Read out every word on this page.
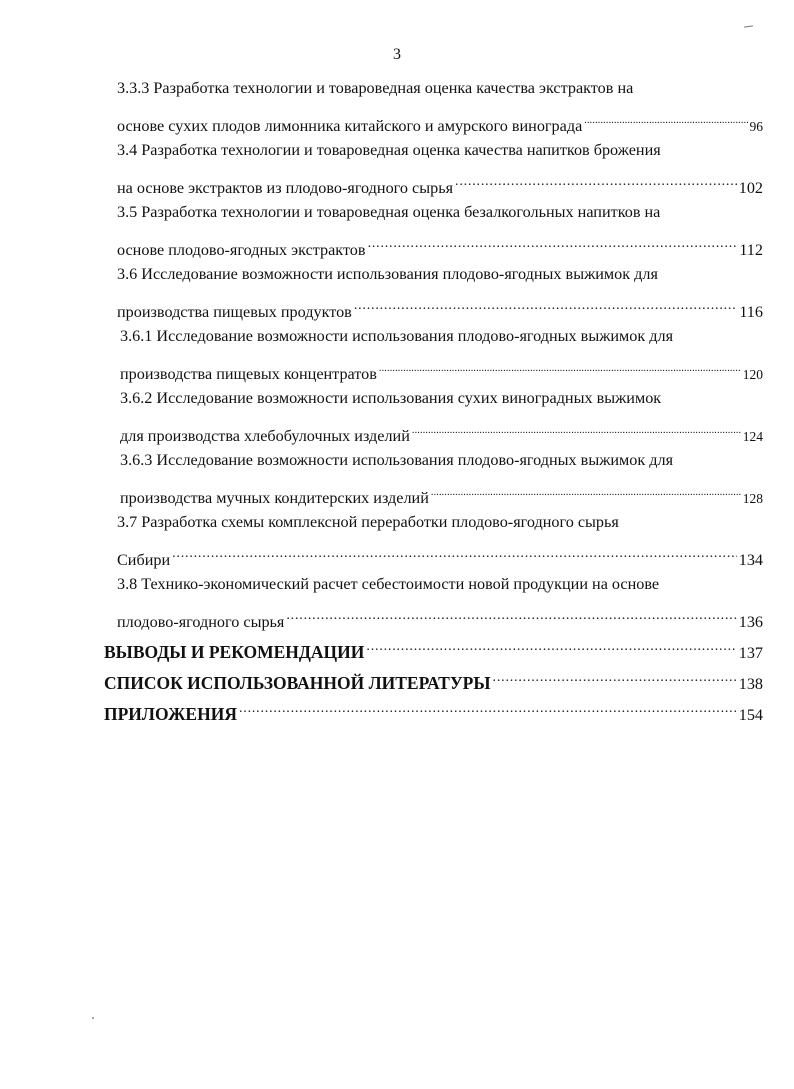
3
3.3.3 Разработка технологии и товароведная оценка качества экстрактов на
основе сухих плодов лимонника китайского и амурского винограда .....	96
3.4 Разработка технологии и товароведная оценка качества напитков брожения
на основе экстрактов из плодово-ягодного сырья .....	102
3.5 Разработка технологии и товароведная оценка безалкогольных напитков на
основе плодово-ягодных экстрактов .....	112
3.6 Исследование возможности использования плодово-ягодных выжимок для
производства пищевых продуктов .....	116
3.6.1 Исследование возможности использования плодово-ягодных выжимок для
производства пищевых концентратов .....	120
3.6.2 Исследование возможности использования сухих виноградных выжимок
для производства хлебобулочных изделий .....	124
3.6.3 Исследование возможности использования плодово-ягодных выжимок для
производства мучных кондитерских изделий .....	128
3.7 Разработка схемы комплексной переработки плодово-ягодного сырья
Сибири .....	134
3.8 Технико-экономический расчет себестоимости новой продукции на основе
плодово-ягодного сырья .....	136
ВЫВОДЫ И РЕКОМЕНДАЦИИ .....	137
СПИСОК ИСПОЛЬЗОВАННОЙ ЛИТЕРАТУРЫ .....	138
ПРИЛОЖЕНИЯ .....	154
